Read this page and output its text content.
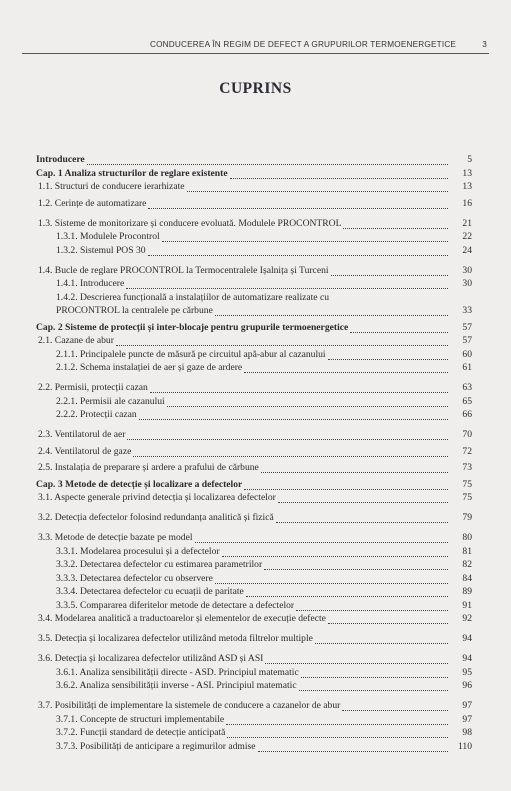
CONDUCEREA ÎN REGIM DE DEFECT A GRUPURILOR TERMOENERGETICE	3
CUPRINS
Introducere	5
Cap. 1 Analiza structurilor de reglare existente	13
1.1. Structuri de conducere ierarhizate	13
1.2. Cerințe de automatizare	16
1.3. Sisteme de monitorizare și conducere evoluată. Modulele PROCONTROL	21
1.3.1. Modulele Procontrol	22
1.3.2. Sistemul POS 30	24
1.4. Bucle de reglare PROCONTROL la Termocentralele Ișalnița și Turceni	30
1.4.1. Introducere	30
1.4.2. Descrierea funcțională a instalațiilor de automatizare realizate cu
PROCONTROL la centralele pe cărbune	33
Cap. 2 Sisteme de protecții și inter-blocaje pentru grupurile termoenergetice	57
2.1. Cazane de abur	57
2.1.1. Principalele puncte de măsură pe circuitul apă-abur al cazanului	60
2.1.2. Schema instalației de aer și gaze de ardere	61
2.2. Permisii, protecții cazan	63
2.2.1. Permisii ale cazanului	65
2.2.2. Protecții cazan	66
2.3. Ventilatorul de aer	70
2.4. Ventilatorul de gaze	72
2.5. Instalația de preparare și ardere a prafului de cărbune	73
Cap. 3 Metode de detecție și localizare a defectelor	75
3.1. Aspecte generale privind detecția și localizarea defectelor	75
3.2. Detecția defectelor folosind redundanța analitică și fizică	79
3.3. Metode de detecție bazate pe model	80
3.3.1. Modelarea procesului și a defectelor	81
3.3.2. Detectarea defectelor cu estimarea parametrilor	82
3.3.3. Detectarea defectelor cu observere	84
3.3.4. Detectarea defectelor cu ecuații de paritate	89
3.3.5. Compararea diferitelor metode de detectare a defectelor	91
3.4. Modelarea analitică a traductoarelor și elementelor de execuție defecte	92
3.5. Detecția și localizarea defectelor utilizând metoda filtrelor multiple	94
3.6. Detecția și localizarea defectelor utilizând ASD și ASI	94
3.6.1. Analiza sensibilității directe - ASD. Principiul matematic	95
3.6.2. Analiza sensibilității inverse - ASI. Principiul matematic	96
3.7. Posibilități de implementare la sistemele de conducere a cazanelor de abur	97
3.7.1. Concepte de structuri implementabile	97
3.7.2. Funcții standard de detecție anticipată	98
3.7.3. Posibilități de anticipare a regimurilor admise	110
